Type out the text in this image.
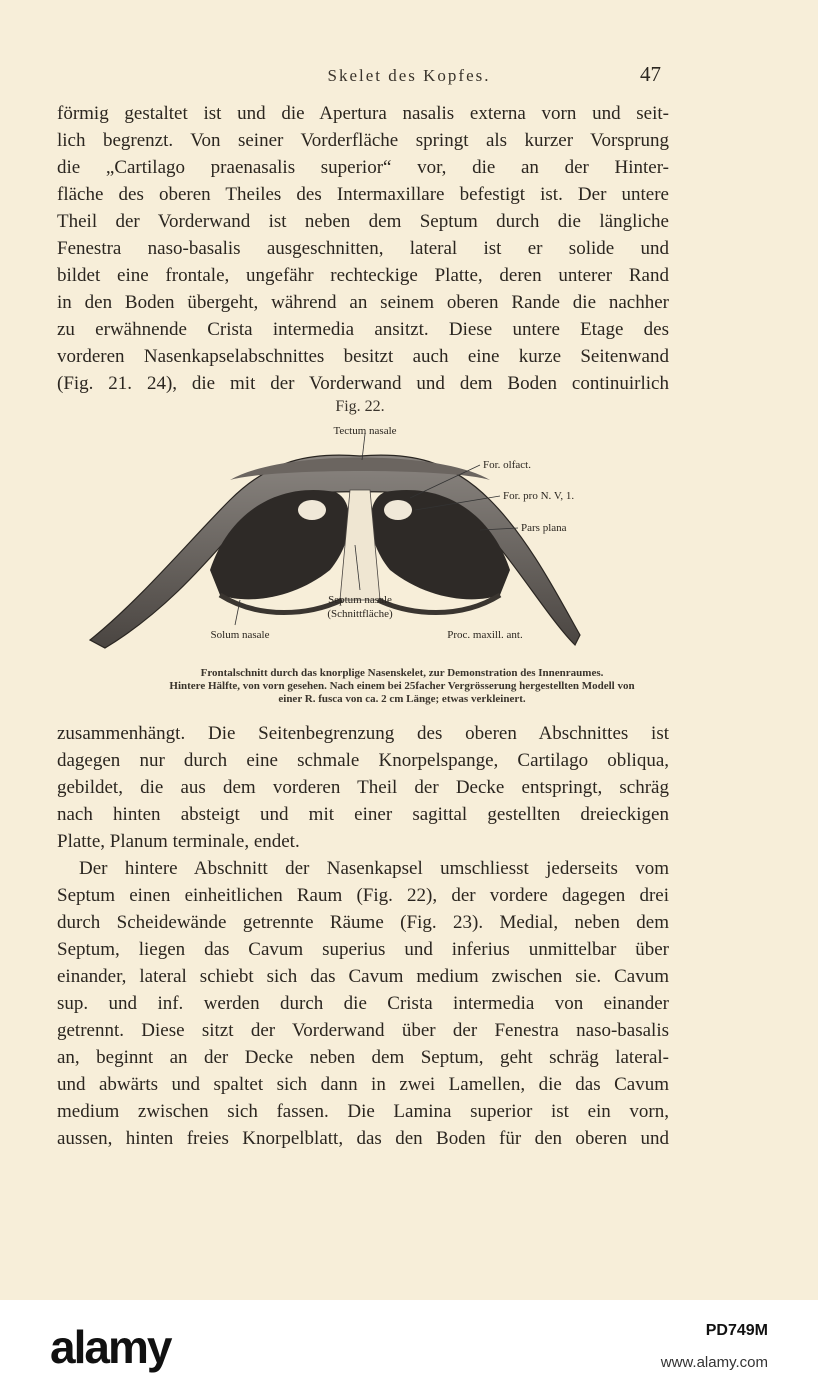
Skelet des Kopfes.	47
förmig gestaltet ist und die Apertura nasalis externa vorn und seit-
lich begrenzt. Von seiner Vorderfläche springt als kurzer Vorsprung
die „Cartilago praenasalis superior“ vor, die an der Hinter-
fläche des oberen Theiles des Intermaxillare befestigt ist. Der untere
Theil der Vorderwand ist neben dem Septum durch die längliche
Fenestra naso-basalis ausgeschnitten, lateral ist er solide und
bildet eine frontale, ungefähr rechteckige Platte, deren unterer Rand
in den Boden übergeht, während an seinem oberen Rande die nachher
zu erwähnende Crista intermedia ansitzt. Diese untere Etage des
vorderen Nasenkapselabschnittes besitzt auch eine kurze Seitenwand
(Fig. 21. 24), die mit der Vorderwand und dem Boden continuirlich
Fig. 22.
Tectum nasale
For. olfact.
For. pro N. V, 1.
Pars plana
Septum nasale
(Schnittfläche)
Solum nasale	Proc. maxill. ant.
Frontalschnitt durch das knorplige Nasenskelet, zur Demonstration des Innenraumes.
Hintere Hälfte, von vorn gesehen. Nach einem bei 25facher Vergrösserung hergestellten Modell von
einer R. fusca von ca. 2 cm Länge; etwas verkleinert.
zusammenhängt. Die Seitenbegrenzung des oberen Abschnittes ist
dagegen nur durch eine schmale Knorpelspange, Cartilago obliqua,
gebildet, die aus dem vorderen Theil der Decke entspringt, schräg
nach hinten absteigt und mit einer sagittal gestellten dreieckigen
Platte, Planum terminale, endet.
Der hintere Abschnitt der Nasenkapsel umschliesst jederseits vom
Septum einen einheitlichen Raum (Fig. 22), der vordere dagegen drei
durch Scheidewände getrennte Räume (Fig. 23). Medial, neben dem
Septum, liegen das Cavum superius und inferius unmittelbar über
einander, lateral schiebt sich das Cavum medium zwischen sie. Cavum
sup. und inf. werden durch die Crista intermedia von einander
getrennt. Diese sitzt der Vorderwand über der Fenestra naso-basalis
an, beginnt an der Decke neben dem Septum, geht schräg lateral-
und abwärts und spaltet sich dann in zwei Lamellen, die das Cavum
medium zwischen sich fassen. Die Lamina superior ist ein vorn,
aussen, hinten freies Knorpelblatt, das den Boden für den oberen und
alamy	PD749M
www.alamy.com
